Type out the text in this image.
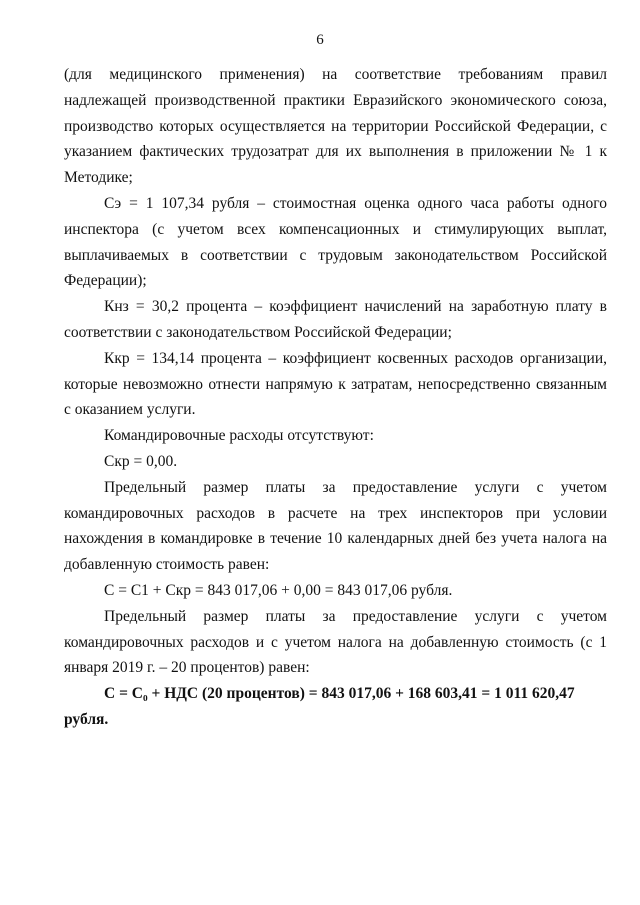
6

(для медицинского применения) на соответствие требованиям правил надлежащей производственной практики Евразийского экономического союза, производство которых осуществляется на территории Российской Федерации, с указанием фактических трудозатрат для их выполнения в приложении № 1 к Методике;

Сэ = 1 107,34 рубля – стоимостная оценка одного часа работы одного инспектора (с учетом всех компенсационных и стимулирующих выплат, выплачиваемых в соответствии с трудовым законодательством Российской Федерации);

Кнз = 30,2 процента – коэффициент начислений на заработную плату в соответствии с законодательством Российской Федерации;

Ккр = 134,14 процента – коэффициент косвенных расходов организации, которые невозможно отнести напрямую к затратам, непосредственно связанным с оказанием услуги.

Командировочные расходы отсутствуют:

Скр = 0,00.

Предельный размер платы за предоставление услуги с учетом командировочных расходов в расчете на трех инспекторов при условии нахождения в командировке в течение 10 календарных дней без учета налога на добавленную стоимость равен:

С = С1 + Скр = 843 017,06 + 0,00 = 843 017,06 рубля.

Предельный размер платы за предоставление услуги с учетом командировочных расходов и с учетом налога на добавленную стоимость (с 1 января 2019 г. – 20 процентов) равен:

С = С₀ + НДС (20 процентов) = 843 017,06 + 168 603,41 = 1 011 620,47 рубля.
